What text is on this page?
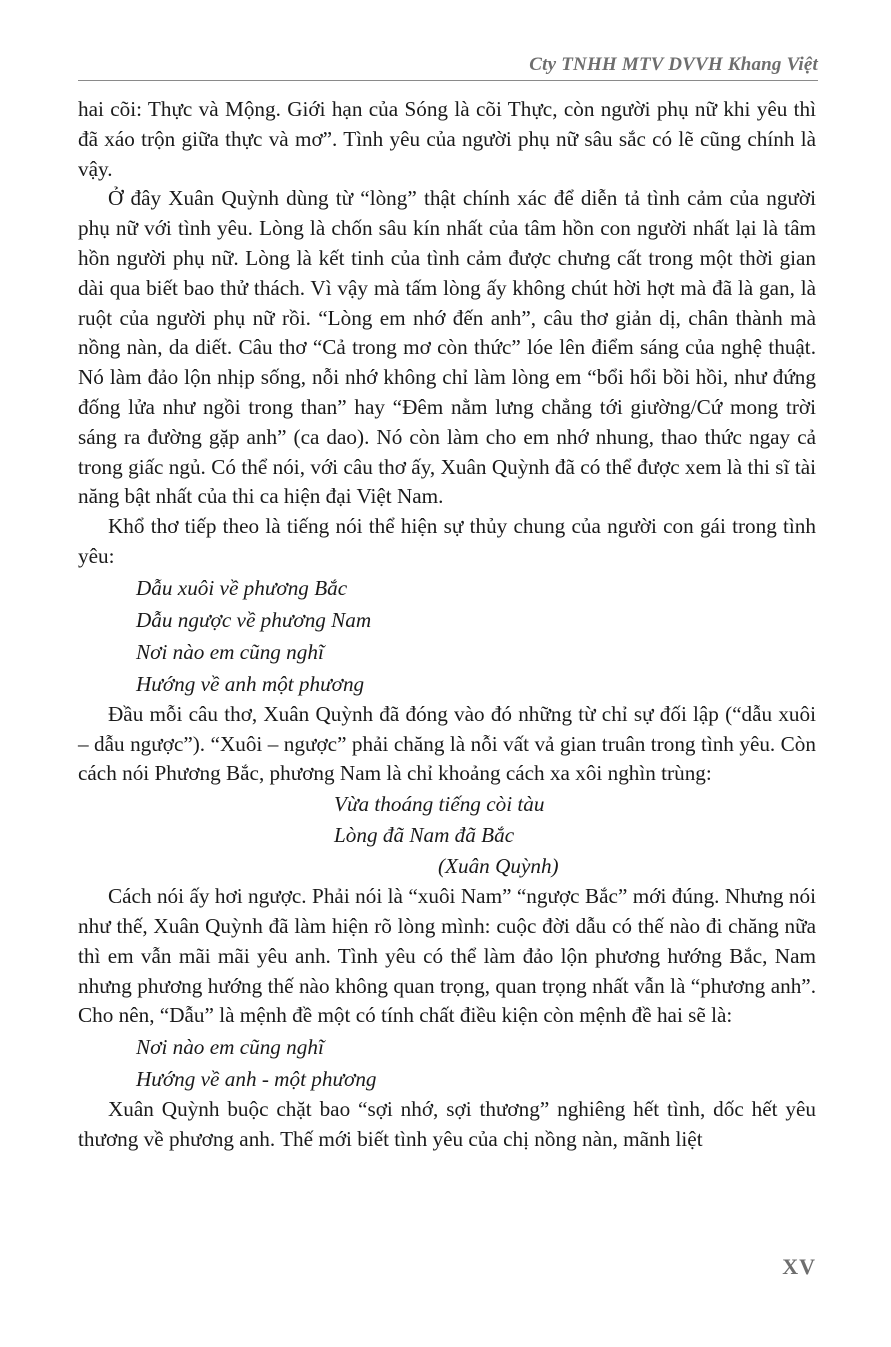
Cty TNHH MTV DVVH Khang Việt

hai cõi: Thực và Mộng. Giới hạn của Sóng là cõi Thực, còn người phụ nữ khi yêu thì đã xáo trộn giữa thực và mơ”. Tình yêu của người phụ nữ sâu sắc có lẽ cũng chính là vậy.

Ở đây Xuân Quỳnh dùng từ “lòng” thật chính xác để diễn tả tình cảm của người phụ nữ với tình yêu. Lòng là chốn sâu kín nhất của tâm hồn con người nhất lại là tâm hồn người phụ nữ. Lòng là kết tinh của tình cảm được chưng cất trong một thời gian dài qua biết bao thử thách. Vì vậy mà tấm lòng ấy không chút hời hợt mà đã là gan, là ruột của người phụ nữ rồi. “Lòng em nhớ đến anh”, câu thơ giản dị, chân thành mà nồng nàn, da diết. Câu thơ “Cả trong mơ còn thức” lóe lên điểm sáng của nghệ thuật. Nó làm đảo lộn nhịp sống, nỗi nhớ không chỉ làm lòng em “bổi hổi bồi hồi, như đứng đống lửa như ngồi trong than” hay “Đêm nằm lưng chẳng tới giường/Cứ mong trời sáng ra đường gặp anh” (ca dao). Nó còn làm cho em nhớ nhung, thao thức ngay cả trong giấc ngủ. Có thể nói, với câu thơ ấy, Xuân Quỳnh đã có thể được xem là thi sĩ tài năng bật nhất của thi ca hiện đại Việt Nam.

Khổ thơ tiếp theo là tiếng nói thể hiện sự thủy chung của người con gái trong tình yêu:

Dẫu xuôi về phương Bắc
Dẫu ngược về phương Nam
Nơi nào em cũng nghĩ
Hướng về anh một phương

Đầu mỗi câu thơ, Xuân Quỳnh đã đóng vào đó những từ chỉ sự đối lập (“dẫu xuôi – dẫu ngược”). “Xuôi – ngược” phải chăng là nỗi vất vả gian truân trong tình yêu. Còn cách nói Phương Bắc, phương Nam là chỉ khoảng cách xa xôi nghìn trùng:

Vừa thoáng tiếng còi tàu
Lòng đã Nam đã Bắc
(Xuân Quỳnh)

Cách nói ấy hơi ngược. Phải nói là “xuôi Nam” “ngược Bắc” mới đúng. Nhưng nói như thế, Xuân Quỳnh đã làm hiện rõ lòng mình: cuộc đời dẫu có thế nào đi chăng nữa thì em vẫn mãi mãi yêu anh. Tình yêu có thể làm đảo lộn phương hướng Bắc, Nam nhưng phương hướng thế nào không quan trọng, quan trọng nhất vẫn là “phương anh”. Cho nên, “Dẫu” là mệnh đề một có tính chất điều kiện còn mệnh đề hai sẽ là:

Nơi nào em cũng nghĩ
Hướng về anh - một phương

Xuân Quỳnh buộc chặt bao “sợi nhớ, sợi thương” nghiêng hết tình, dốc hết yêu thương về phương anh. Thế mới biết tình yêu của chị nồng nàn, mãnh liệt

XV
